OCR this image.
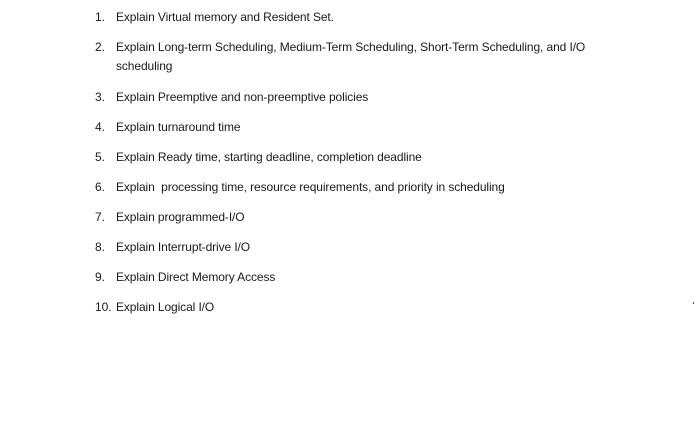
1. Explain Virtual memory and Resident Set.
2. Explain Long-term Scheduling, Medium-Term Scheduling, Short-Term Scheduling, and I/O scheduling
3. Explain Preemptive and non-preemptive policies
4. Explain turnaround time
5. Explain Ready time, starting deadline, completion deadline
6. Explain  processing time, resource requirements, and priority in scheduling
7. Explain programmed-I/O
8. Explain Interrupt-drive I/O
9. Explain Direct Memory Access
10. Explain Logical I/O
